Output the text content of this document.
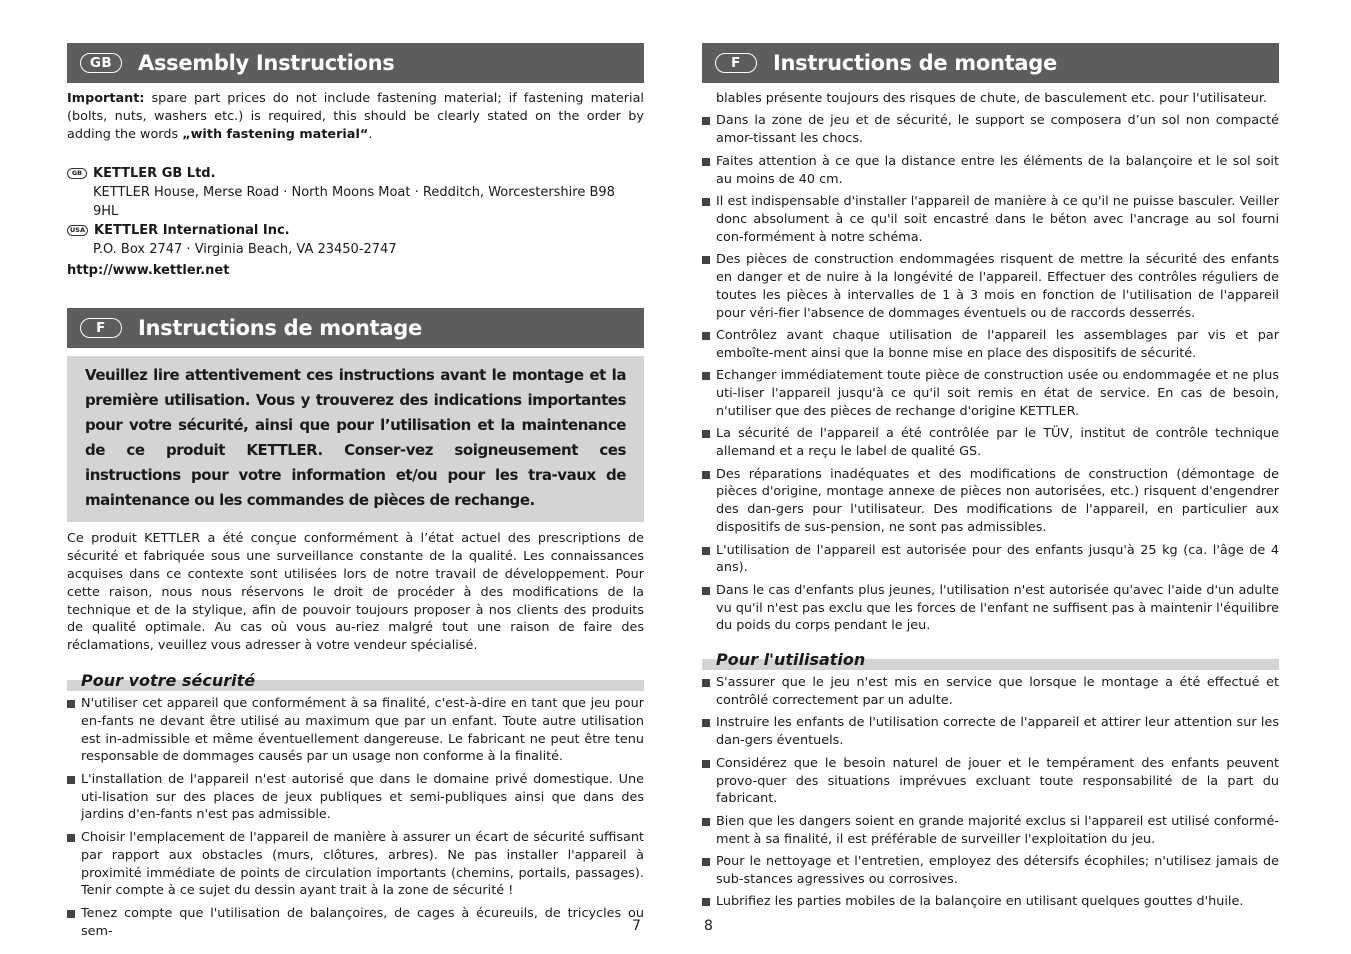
GB	Assembly Instructions

Important: spare part prices do not include fastening material; if fastening material (bolts, nuts, washers etc.) is required, this should be clearly stated on the order by adding the words „with fastening material“.

GB KETTLER GB Ltd.
KETTLER House, Merse Road · North Moons Moat · Redditch, Worcestershire B98 9HL
USA KETTLER International Inc.
P.O. Box 2747 · Virginia Beach, VA 23450-2747
http://www.kettler.net
F	Instructions de montage
Veuillez lire attentivement ces instructions avant le montage et la première utilisation. Vous y trouverez des indications importantes pour votre sécurité, ainsi que pour l’utilisation et la maintenance de ce produit KETTLER. Conser-vez soigneusement ces instructions pour votre information et/ou pour les tra-vaux de maintenance ou les commandes de pièces de rechange.

Ce produit KETTLER a été conçue conformément à l’état actuel des prescriptions de sécurité et fabriquée sous une surveillance constante de la qualité. Les connaissances acquises dans ce contexte sont utilisées lors de notre travail de développement. Pour cette raison, nous nous réservons le droit de procéder à des modifications de la technique et de la stylique, afin de pouvoir toujours proposer à nos clients des produits de qualité optimale. Au cas où vous au-riez malgré tout une raison de faire des réclamations, veuillez vous adresser à votre vendeur spécialisé.

Pour votre sécurité
N'utiliser cet appareil que conformément à sa finalité, c'est-à-dire en tant que jeu pour en-fants ne devant être utilisé au maximum que par un enfant. Toute autre utilisation est in-admissible et même éventuellement dangereuse. Le fabricant ne peut être tenu responsable de dommages causés par un usage non conforme à la finalité.
L'installation de l'appareil n'est autorisé que dans le domaine privé domestique. Une uti-lisation sur des places de jeux publiques et semi-publiques ainsi que dans des jardins d'en-fants n'est pas admissible.
Choisir l'emplacement de l'appareil de manière à assurer un écart de sécurité suffisant par rapport aux obstacles (murs, clôtures, arbres). Ne pas installer l'appareil à proximité immédiate de points de circulation importants (chemins, portails, passages). Tenir compte à ce sujet du dessin ayant trait à la zone de sécurité !
Tenez compte que l'utilisation de balançoires, de cages à écureuils, de tricycles ou sem-	7
F	Instructions de montage

blables présente toujours des risques de chute, de basculement etc. pour l'utilisateur.

Dans la zone de jeu et de sécurité, le support se composera d’un sol non compacté amor-tissant les chocs.
Faites attention à ce que la distance entre les éléments de la balançoire et le sol soit au moins de 40 cm.
Il est indispensable d'installer l'appareil de manière à ce qu'il ne puisse basculer. Veiller donc absolument à ce qu'il soit encastré dans le béton avec l'ancrage au sol fourni con-formément à notre schéma.
Des pièces de construction endommagées risquent de mettre la sécurité des enfants en danger et de nuire à la longévité de l'appareil. Effectuer des contrôles réguliers de toutes les pièces à intervalles de 1 à 3 mois en fonction de l'utilisation de l'appareil pour véri-fier l'absence de dommages éventuels ou de raccords desserrés.
Contrôlez avant chaque utilisation de l'appareil les assemblages par vis et par emboîte-ment ainsi que la bonne mise en place des dispositifs de sécurité.
Echanger immédiatement toute pièce de construction usée ou endommagée et ne plus uti-liser l'appareil jusqu'à ce qu'il soit remis en état de service. En cas de besoin, n'utiliser que des pièces de rechange d'origine KETTLER.
La sécurité de l'appareil a été contrôlée par le TÜV, institut de contrôle technique allemand et a reçu le label de qualité GS.
Des réparations inadéquates et des modifications de construction (démontage de pièces d'origine, montage annexe de pièces non autorisées, etc.) risquent d'engendrer des dan-gers pour l'utilisateur. Des modifications de l'appareil, en particulier aux dispositifs de sus-pension, ne sont pas admissibles.
L'utilisation de l'appareil est autorisée pour des enfants jusqu'à 25 kg (ca. l'âge de 4 ans).
Dans le cas d'enfants plus jeunes, l'utilisation n'est autorisée qu'avec l'aide d'un adulte vu qu'il n'est pas exclu que les forces de l'enfant ne suffisent pas à maintenir l'équilibre du poids du corps pendant le jeu.
Pour l'utilisation
S'assurer que le jeu n'est mis en service que lorsque le montage a été effectué et contrôlé correctement par un adulte.
Instruire les enfants de l'utilisation correcte de l'appareil et attirer leur attention sur les dan-gers éventuels.
Considérez que le besoin naturel de jouer et le tempérament des enfants peuvent provo-quer des situations imprévues excluant toute responsabilité de la part du fabricant.
Bien que les dangers soient en grande majorité exclus si l'appareil est utilisé conformé-ment à sa finalité, il est préférable de surveiller l'exploitation du jeu.
Pour le nettoyage et l'entretien, employez des détersifs écophiles; n'utilisez jamais de sub-stances agressives ou corrosives.
Lubrifiez les parties mobiles de la balançoire en utilisant quelques gouttes d'huile.
8
